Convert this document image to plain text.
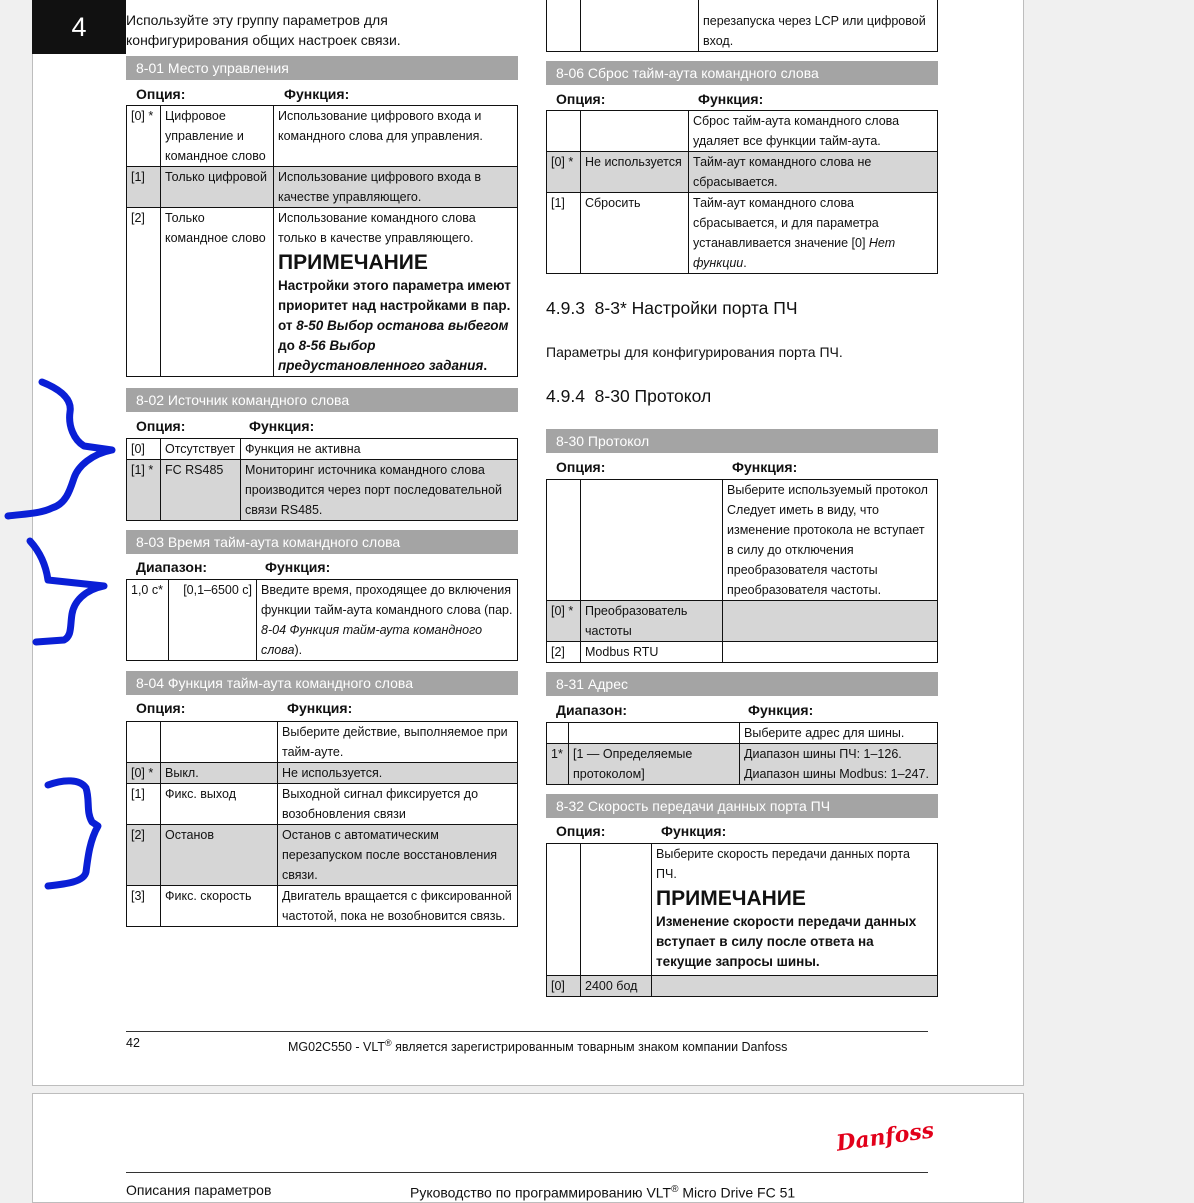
4	Используйте эту группу параметров для конфигурирования общих настроек связи.
8-01 Место управления
Опция:	Функция:
[0] *	Цифровое управление и командное слово	Использование цифрового входа и командного слова для управления.
[1]	Только цифровой	Использование цифрового входа в качестве управляющего.
[2]	Только командное слово	Использование командного слова только в качестве управляющего.
ПРИМЕЧАНИЕ
Настройки этого параметра имеют приоритет над настройками в пар. от 8-50 Выбор останова выбегом до 8-56 Выбор предустановленного задания.
8-02 Источник командного слова
Опция:	Функция:
[0]	Отсутствует	Функция не активна
[1] *	FC RS485	Мониторинг источника командного слова производится через порт последовательной связи RS485.
8-03 Время тайм-аута командного слова
Диапазон:	Функция:
1,0 с*	[0,1–6500 с]	Введите время, проходящее до включения функции тайм-аута командного слова (пар. 8-04 Функция тайм-аута командного слова).
8-04 Функция тайм-аута командного слова
Опция:	Функция:
		Выберите действие, выполняемое при тайм-ауте.
[0] *	Выкл.	Не используется.
[1]	Фикс. выход	Выходной сигнал фиксируется до возобновления связи
[2]	Останов	Останов с автоматическим перезапуском после восстановления связи.
[3]	Фикс. скорость	Двигатель вращается с фиксированной частотой, пока не возобновится связь.
		перезапуска через LCP или цифровой вход.
8-06 Сброс тайм-аута командного слова
Опция:	Функция:
		Сброс тайм-аута командного слова удаляет все функции тайм-аута.
[0] *	Не используется	Тайм-аут командного слова не сбрасывается.
[1]	Сбросить	Тайм-аут командного слова сбрасывается, и для параметра устанавливается значение [0] Нет функции.
4.9.3 8-3* Настройки порта ПЧ
Параметры для конфигурирования порта ПЧ.
4.9.4 8-30 Протокол
8-30 Протокол
Опция:	Функция:
		Выберите используемый протокол Следует иметь в виду, что изменение протокола не вступает в силу до отключения преобразователя частоты преобразователя частоты.
[0] *	Преобразователь частоты	
[2]	Modbus RTU	
8-31 Адрес
Диапазон:	Функция:
		Выберите адрес для шины.
1*	[1 — Определяемые протоколом]	Диапазон шины ПЧ: 1–126.
Диапазон шины Modbus: 1–247.
8-32 Скорость передачи данных порта ПЧ
Опция:	Функция:

		Выберите скорость передачи данных порта ПЧ.
ПРИМЕЧАНИЕ
Изменение скорости передачи данных вступает в силу после ответа на текущие запросы шины.

[0]	2400 бод	
42	MG02C550 - VLT® является зарегистрированным товарным знаком компании Danfoss
Danfoss
Описания параметров	Руководство по программированию VLT® Micro Drive FC 51
